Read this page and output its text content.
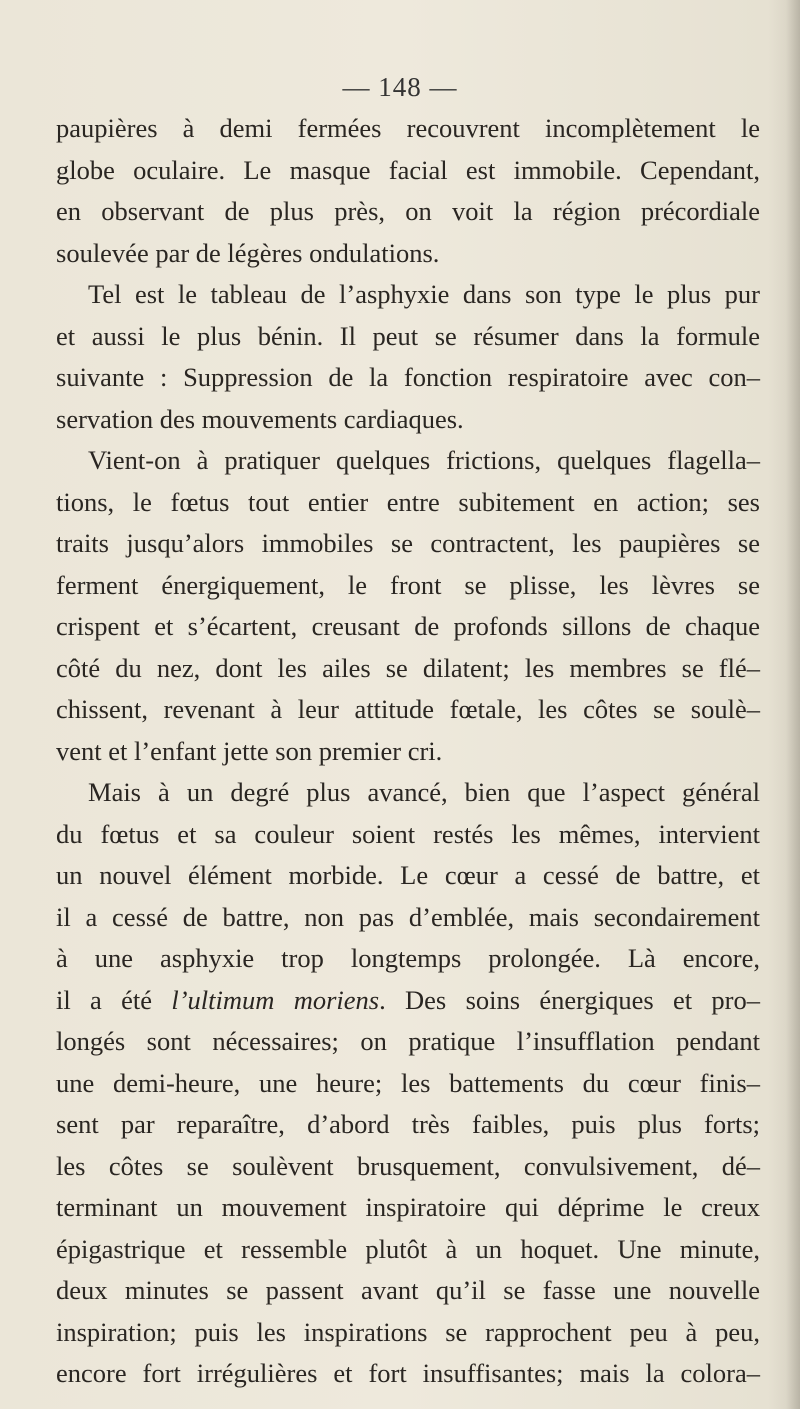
— 148 —
paupières à demi fermées recouvrent incomplètement le
globe oculaire. Le masque facial est immobile. Cependant,
en observant de plus près, on voit la région précordiale
soulevée par de légères ondulations.
Tel est le tableau de l’asphyxie dans son type le plus pur
et aussi le plus bénin. Il peut se résumer dans la formule
suivante : Suppression de la fonction respiratoire avec con–
servation des mouvements cardiaques.
Vient-on à pratiquer quelques frictions, quelques flagella–
tions, le fœtus tout entier entre subitement en action; ses
traits jusqu’alors immobiles se contractent, les paupières se
ferment énergiquement, le front se plisse, les lèvres se
crispent et s’écartent, creusant de profonds sillons de chaque
côté du nez, dont les ailes se dilatent; les membres se flé–
chissent, revenant à leur attitude fœtale, les côtes se soulè–
vent et l’enfant jette son premier cri.
Mais à un degré plus avancé, bien que l’aspect général
du fœtus et sa couleur soient restés les mêmes, intervient
un nouvel élément morbide. Le cœur a cessé de battre, et
il a cessé de battre, non pas d’emblée, mais secondairement
à une asphyxie trop longtemps prolongée. Là encore,
il a été l’ultimum moriens. Des soins énergiques et pro–
longés sont nécessaires; on pratique l’insufflation pendant
une demi-heure, une heure; les battements du cœur finis–
sent par reparaître, d’abord très faibles, puis plus forts;
les côtes se soulèvent brusquement, convulsivement, dé–
terminant un mouvement inspiratoire qui déprime le creux
épigastrique et ressemble plutôt à un hoquet. Une minute,
deux minutes se passent avant qu’il se fasse une nouvelle
inspiration; puis les inspirations se rapprochent peu à peu,
encore fort irrégulières et fort insuffisantes; mais la colora–
